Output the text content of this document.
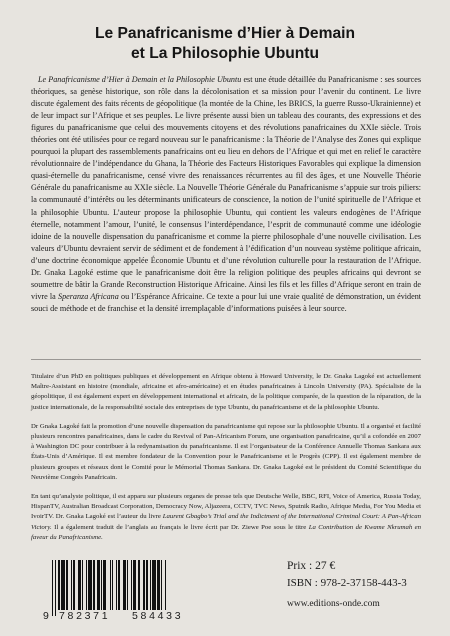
Le Panafricanisme d’Hier à Demain
et La Philosophie Ubuntu

Le Panafricanisme d’Hier à Demain et la Philosophie Ubuntu est une étude détaillée du Panafricanisme : ses sources théoriques, sa genèse historique, son rôle dans la décolonisation et sa mission pour l’avenir du continent. Le livre discute également des faits récents de géopolitique (la montée de la Chine, les BRICS, la guerre Russo-Ukrainienne) et de leur impact sur l’Afrique et ses peuples. Le livre présente aussi bien un tableau des courants, des expressions et des figures du panafricanisme que celui des mouvements citoyens et des révolutions panafricaines du XXIe siècle. Trois théories ont été utilisées pour ce regard nouveau sur le panafricanisme : la Théorie de l’Analyse des Zones qui explique pourquoi la plupart des rassemblements panafricains ont eu lieu en dehors de l’Afrique et qui met en relief le caractère révolutionnaire de l’indépendance du Ghana, la Théorie des Facteurs Historiques Favorables qui explique la dimension quasi-éternelle du panafricanisme, censé vivre des renaissances récurrentes au fil des âges, et une Nouvelle Théorie Générale du panafricanisme au XXIe siècle. La Nouvelle Théorie Générale du Panafricanisme s’appuie sur trois piliers: la communauté d’intérêts ou les déterminants unificateurs de conscience, la notion de l’unité spirituelle de l’Afrique et la philosophie Ubuntu. L’auteur propose la philosophie Ubuntu, qui contient les valeurs endogènes de l’Afrique éternelle, notamment l’amour, l’unité, le consensus l’interdépendance, l’esprit de communauté comme une idéologie idoine de la nouvelle dispensation du panafricanisme et comme la pierre philosophale d’une nouvelle civilisation. Les valeurs d’Ubuntu devraient servir de sédiment et de fondement à l’édification d’un nouveau système politique africain, d’une doctrine économique appelée Économie Ubuntu et d’une révolution culturelle pour la restauration de l’Afrique. Dr. Gnaka Lagoké estime que le panafricanisme doit être la religion politique des peuples africains qui devront se soumettre de bâtir la Grande Reconstruction Historique Africaine. Ainsi les fils et les filles d’Afrique seront en train de vivre la Speranza Africana ou l’Espérance Africaine. Ce texte a pour lui une vraie qualité de démonstration, un évident souci de méthode et de franchise et la densité irremplaçable d’informations puisées à leur source.

Titulaire d’un PhD en politiques publiques et développement en Afrique obtenu à Howard University, le Dr. Gnaka Lagoké est actuellement Maître-Assistant en histoire (mondiale, africaine et afro-américaine) et en études panafricaines à Lincoln University (PA). Spécialiste de la géopolitique, il est également expert en développement international et africain, de la politique comparée, de la question de la réparation, de la justice internationale, de la responsabilité sociale des entreprises de type Ubuntu, du panafricanisme et de la philosophie Ubuntu.

Dr Gnaka Lagoké fait la promotion d’une nouvelle dispensation du panafricanisme qui repose sur la philosophie Ubuntu. Il a organisé et facilité plusieurs rencontres panafricaines, dans le cadre du Revival of Pan-Africanism Forum, une organisation panafricaine, qu’il a cofondée en 2007 à Washington DC pour contribuer à la redynamisation du panafricanisme. Il est l’organisateur de la Conférence Annuelle Thomas Sankara aux États-Unis d’Amérique. Il est membre fondateur de la Convention pour le Panafricanisme et le Progrès (CPP). Il est également membre de plusieurs groupes et réseaux dont le Comité pour le Mémorial Thomas Sankara. Dr. Gnaka Lagoké est le président du Comité Scientifique du Neuvième Congrès Panafricain.

En tant qu’analyste politique, il est apparu sur plusieurs organes de presse tels que Deutsche Welle, BBC, RFI, Voice of America, Russia Today, HispanTV, Australian Broadcast Corporation, Democracy Now, Aljazeera, CCTV, TVC News, Sputnik Radio, Afrique Media, For You Media et IvoirTV. Dr. Gnaka Lagoké est l’auteur du livre Laurent Gbagbo’s Trial and the Indictment of the International Criminal Court: A Pan-African Victory. Il a également traduit de l’anglais au français le livre écrit par Dr. Ziewe Poe sous le titre La Contribution de Kwame Nkrumah en faveur du Panafricanisme.

9 782371 584433
Prix : 27 €
ISBN : 978-2-37158-443-3
www.editions-onde.com
